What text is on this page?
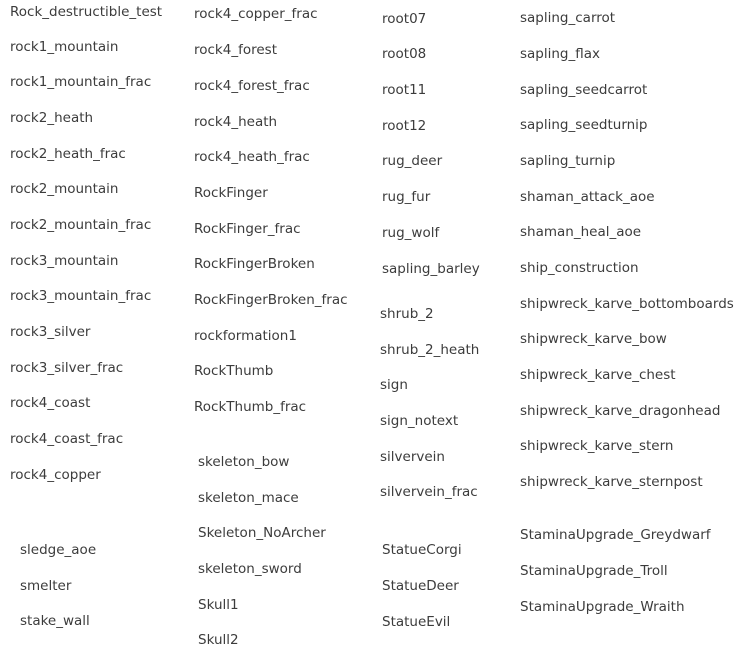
Rock_destructible_test
rock1_mountain
rock1_mountain_frac
rock2_heath
rock2_heath_frac
rock2_mountain
rock2_mountain_frac
rock3_mountain
rock3_mountain_frac
rock3_silver
rock3_silver_frac
rock4_coast
rock4_coast_frac
rock4_copper
sledge_aoe
smelter
stake_wall
rock4_copper_frac
rock4_forest
rock4_forest_frac
rock4_heath
rock4_heath_frac
RockFinger
RockFinger_frac
RockFingerBroken
RockFingerBroken_frac
rockformation1
RockThumb
RockThumb_frac
skeleton_bow
skeleton_mace
Skeleton_NoArcher
skeleton_sword
Skull1
Skull2
root07
root08
root11
root12
rug_deer
rug_fur
rug_wolf
sapling_barley
shrub_2
shrub_2_heath
sign
sign_notext
silvervein
silvervein_frac
StatueCorgi
StatueDeer
StatueEvil
sapling_carrot
sapling_flax
sapling_seedcarrot
sapling_seedturnip
sapling_turnip
shaman_attack_aoe
shaman_heal_aoe
ship_construction
shipwreck_karve_bottomboards
shipwreck_karve_bow
shipwreck_karve_chest
shipwreck_karve_dragonhead
shipwreck_karve_stern
shipwreck_karve_sternpost
StaminaUpgrade_Greydwarf
StaminaUpgrade_Troll
StaminaUpgrade_Wraith
